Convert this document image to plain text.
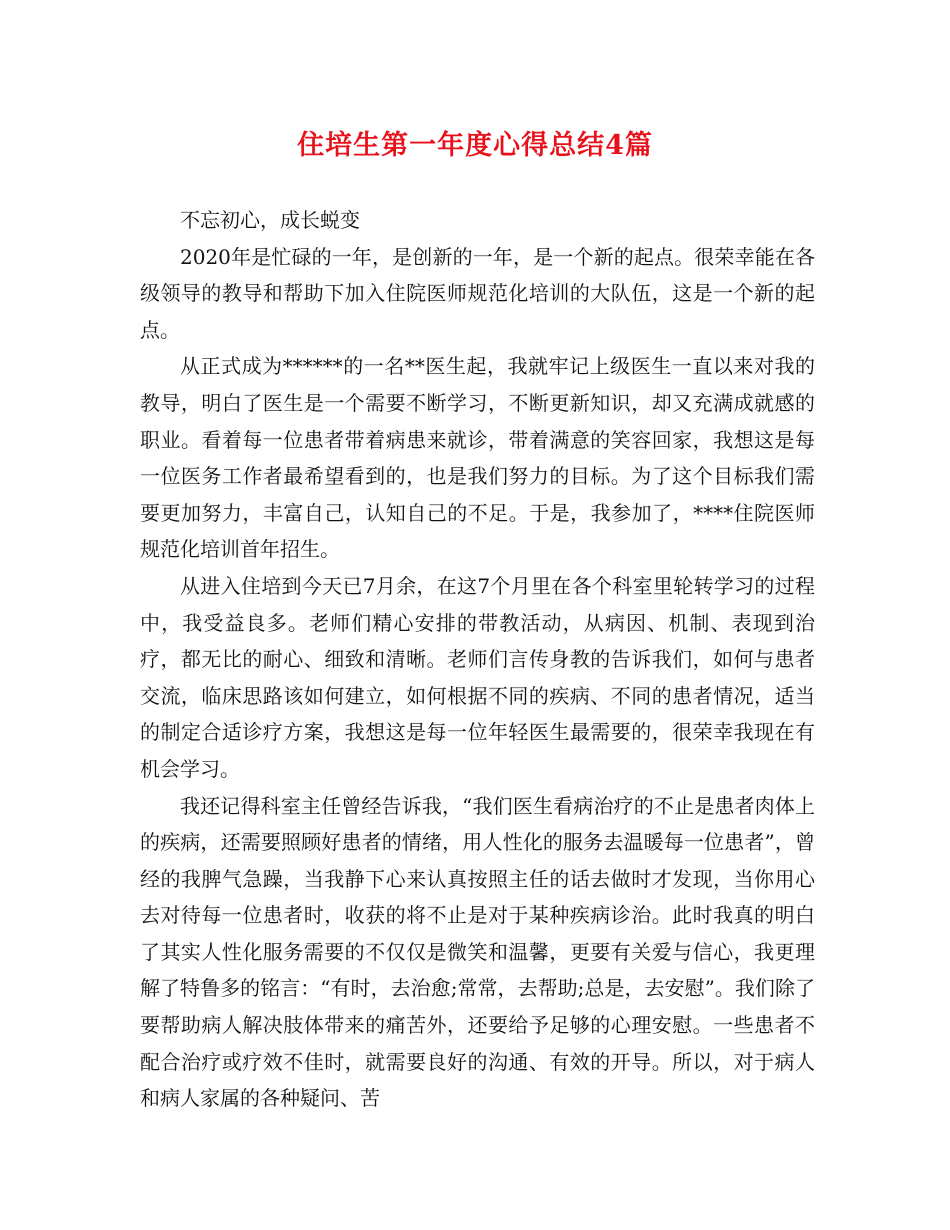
住培生第一年度心得总结4篇

不忘初心，成长蜕变

2020年是忙碌的一年，是创新的一年，是一个新的起点。很荣幸能在各级领导的教导和帮助下加入住院医师规范化培训的大队伍，这是一个新的起点。

从正式成为******的一名**医生起，我就牢记上级医生一直以来对我的教导，明白了医生是一个需要不断学习，不断更新知识，却又充满成就感的职业。看着每一位患者带着病患来就诊，带着满意的笑容回家，我想这是每一位医务工作者最希望看到的，也是我们努力的目标。为了这个目标我们需要更加努力，丰富自己，认知自己的不足。于是，我参加了，****住院医师规范化培训首年招生。

从进入住培到今天已7月余，在这7个月里在各个科室里轮转学习的过程中，我受益良多。老师们精心安排的带教活动，从病因、机制、表现到治疗，都无比的耐心、细致和清晰。老师们言传身教的告诉我们，如何与患者交流，临床思路该如何建立，如何根据不同的疾病、不同的患者情况，适当的制定合适诊疗方案，我想这是每一位年轻医生最需要的，很荣幸我现在有机会学习。

我还记得科室主任曾经告诉我，“我们医生看病治疗的不止是患者肉体上的疾病，还需要照顾好患者的情绪，用人性化的服务去温暖每一位患者”，曾经的我脾气急躁，当我静下心来认真按照主任的话去做时才发现，当你用心去对待每一位患者时，收获的将不止是对于某种疾病诊治。此时我真的明白了其实人性化服务需要的不仅仅是微笑和温馨，更要有关爱与信心，我更理解了特鲁多的铭言：“有时，去治愈;常常，去帮助;总是，去安慰”。我们除了要帮助病人解决肢体带来的痛苦外，还要给予足够的心理安慰。一些患者不配合治疗或疗效不佳时，就需要良好的沟通、有效的开导。所以，对于病人和病人家属的各种疑问、苦
